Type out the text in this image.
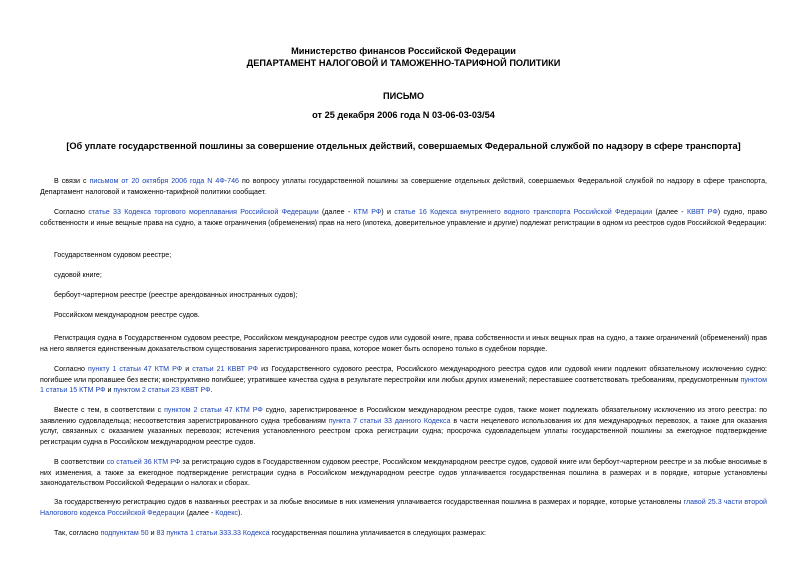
Министерство финансов Российской Федерации
ДЕПАРТАМЕНТ НАЛОГОВОЙ И ТАМОЖЕННО-ТАРИФНОЙ ПОЛИТИКИ
ПИСЬМО
от 25 декабря 2006 года N 03-06-03-03/54
[Об уплате государственной пошлины за совершение отдельных действий, совершаемых Федеральной службой по надзору в сфере транспорта]

В связи с письмом от 20 октября 2006 года N 4Ф-746 по вопросу уплаты государственной пошлины за совершение отдельных действий, совершаемых Федеральной службой по надзору в сфере транспорта, Департамент налоговой и таможенно-тарифной политики сообщает.

Согласно статье 33 Кодекса торгового мореплавания Российской Федерации (далее - КТМ РФ) и статье 16 Кодекса внутреннего водного транспорта Российской Федерации (далее - КВВТ РФ) судно, право собственности и иные вещные права на судно, а также ограничения (обременения) прав на него (ипотека, доверительное управление и другие) подлежат регистрации в одном из реестров судов Российской Федерации:

Государственном судовом реестре;

судовой книге;

бербоут-чартерном реестре (реестре арендованных иностранных судов);

Российском международном реестре судов.

Регистрация судна в Государственном судовом реестре, Российском международном реестре судов или судовой книге, права собственности и иных вещных прав на судно, а также ограничений (обременений) прав на него является единственным доказательством существования зарегистрированного права, которое может быть оспорено только в судебном порядке.

Согласно пункту 1 статьи 47 КТМ РФ и статьи 21 КВВТ РФ из Государственного судового реестра, Российского международного реестра судов или судовой книги подлежит обязательному исключению судно: погибшее или пропавшее без вести; конструктивно погибшее; утратившее качества судна в результате перестройки или любых других изменений; переставшее соответствовать требованиям, предусмотренным пунктом 1 статьи 15 КТМ РФ и пунктом 2 статьи 23 КВВТ РФ.

Вместе с тем, в соответствии с пунктом 2 статьи 47 КТМ РФ судно, зарегистрированное в Российском международном реестре судов, также может подлежать обязательному исключению из этого реестра: по заявлению судовладельца; несоответствия зарегистрированного судна требованиям пункта 7 статьи 33 данного Кодекса в части нецелевого использования их для международных перевозок, а также для оказания услуг, связанных с оказанием указанных перевозок; истечения установленного реестром срока регистрации судна; просрочка судовладельцем уплаты государственной пошлины за ежегодное подтверждение регистрации судна в Российском международном реестре судов.

В соответствии со статьей 36 КТМ РФ за регистрацию судов в Государственном судовом реестре, Российском международном реестре судов, судовой книге или бербоут-чартерном реестре и за любые вносимые в них изменения, а также за ежегодное подтверждение регистрации судна в Российском международном реестре судов уплачивается государственная пошлина в размерах и в порядке, которые установлены законодательством Российской Федерации о налогах и сборах.

За государственную регистрацию судов в названных реестрах и за любые вносимые в них изменения уплачивается государственная пошлина в размерах и порядке, которые установлены главой 25.3 части второй Налогового кодекса Российской Федерации (далее - Кодекс).

Так, согласно подпунктам 50 и 83 пункта 1 статьи 333.33 Кодекса государственная пошлина уплачивается в следующих размерах:
